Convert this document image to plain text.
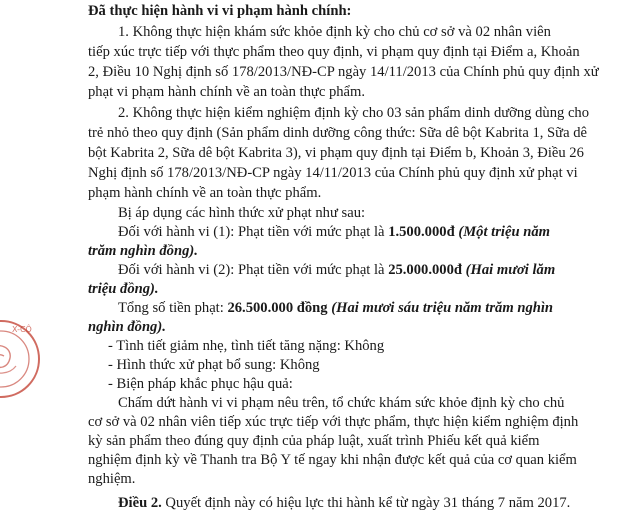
Đã thực hiện hành vi vi phạm hành chính:
1. Không thực hiện khám sức khỏe định kỳ cho chủ cơ sở và 02 nhân viên
tiếp xúc trực tiếp với thực phẩm theo quy định, vi phạm quy định tại Điểm a, Khoản
2, Điều 10 Nghị định số 178/2013/NĐ-CP ngày 14/11/2013 của Chính phủ quy định xử
phạt vi phạm hành chính về an toàn thực phẩm.
2. Không thực hiện kiểm nghiệm định kỳ cho 03 sản phẩm dinh dưỡng dùng cho
trẻ nhỏ theo quy định (Sản phẩm dinh dưỡng công thức: Sữa dê bột Kabrita 1, Sữa dê
bột Kabrita 2, Sữa dê bột Kabrita 3), vi phạm quy định tại Điểm b, Khoản 3, Điều 26
Nghị định số 178/2013/NĐ-CP ngày 14/11/2013 của Chính phủ quy định xử phạt vi
phạm hành chính về an toàn thực phẩm.
Bị áp dụng các hình thức xử phạt như sau:
Đối với hành vi (1): Phạt tiền với mức phạt là 1.500.000đ (Một triệu năm
trăm nghìn đồng).
Đối với hành vi (2): Phạt tiền với mức phạt là 25.000.000đ (Hai mươi lăm
triệu đồng).
Tổng số tiền phạt: 26.500.000 đồng (Hai mươi sáu triệu năm trăm nghìn
nghìn đồng).
- Tình tiết giảm nhẹ, tình tiết tăng nặng: Không
- Hình thức xử phạt bổ sung: Không
- Biện pháp khắc phục hậu quả:
Chấm dứt hành vi vi phạm nêu trên, tổ chức khám sức khỏe định kỳ cho chủ
cơ sở và 02 nhân viên tiếp xúc trực tiếp với thực phẩm, thực hiện kiểm nghiệm định
kỳ sản phẩm theo đúng quy định của pháp luật, xuất trình Phiếu kết quả kiểm
nghiệm định kỳ về Thanh tra Bộ Y tế ngay khi nhận được kết quả của cơ quan kiểm
nghiệm.
Điều 2. Quyết định này có hiệu lực thi hành kể từ ngày 31 tháng 7 năm 2017.
X-CỘ
